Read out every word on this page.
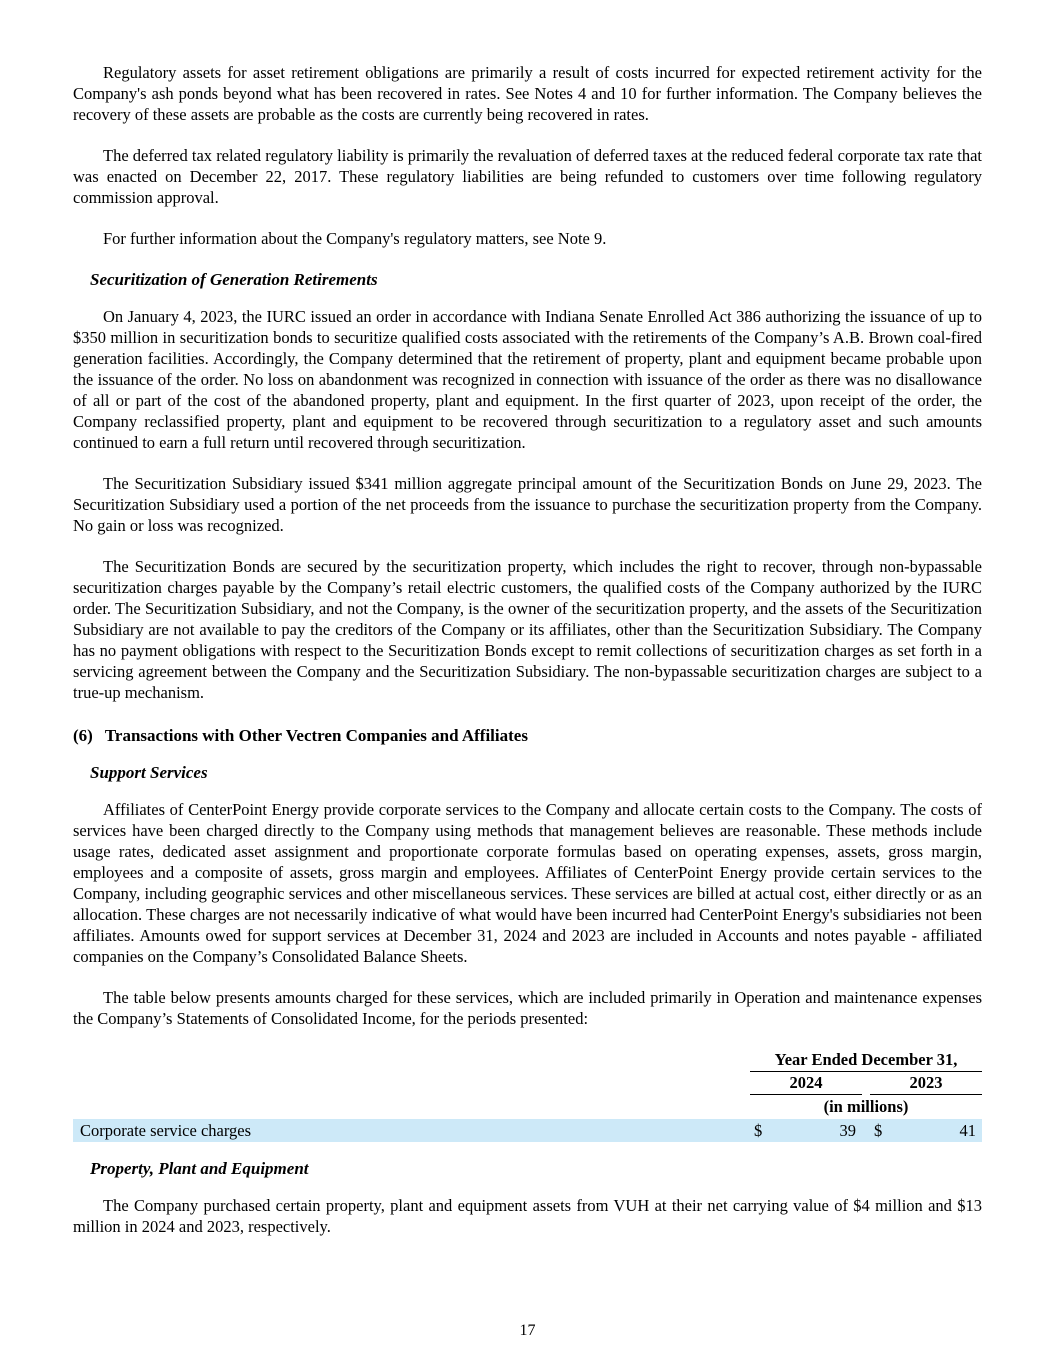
Regulatory assets for asset retirement obligations are primarily a result of costs incurred for expected retirement activity for the Company's ash ponds beyond what has been recovered in rates. See Notes 4 and 10 for further information. The Company believes the recovery of these assets are probable as the costs are currently being recovered in rates.

The deferred tax related regulatory liability is primarily the revaluation of deferred taxes at the reduced federal corporate tax rate that was enacted on December 22, 2017. These regulatory liabilities are being refunded to customers over time following regulatory commission approval.

For further information about the Company's regulatory matters, see Note 9.

Securitization of Generation Retirements

On January 4, 2023, the IURC issued an order in accordance with Indiana Senate Enrolled Act 386 authorizing the issuance of up to $350 million in securitization bonds to securitize qualified costs associated with the retirements of the Company’s A.B. Brown coal-fired generation facilities. Accordingly, the Company determined that the retirement of property, plant and equipment became probable upon the issuance of the order. No loss on abandonment was recognized in connection with issuance of the order as there was no disallowance of all or part of the cost of the abandoned property, plant and equipment. In the first quarter of 2023, upon receipt of the order, the Company reclassified property, plant and equipment to be recovered through securitization to a regulatory asset and such amounts continued to earn a full return until recovered through securitization.

The Securitization Subsidiary issued $341 million aggregate principal amount of the Securitization Bonds on June 29, 2023. The Securitization Subsidiary used a portion of the net proceeds from the issuance to purchase the securitization property from the Company. No gain or loss was recognized.

The Securitization Bonds are secured by the securitization property, which includes the right to recover, through non-bypassable securitization charges payable by the Company’s retail electric customers, the qualified costs of the Company authorized by the IURC order. The Securitization Subsidiary, and not the Company, is the owner of the securitization property, and the assets of the Securitization Subsidiary are not available to pay the creditors of the Company or its affiliates, other than the Securitization Subsidiary. The Company has no payment obligations with respect to the Securitization Bonds except to remit collections of securitization charges as set forth in a servicing agreement between the Company and the Securitization Subsidiary. The non-bypassable securitization charges are subject to a true-up mechanism.

(6) Transactions with Other Vectren Companies and Affiliates
Support Services

Affiliates of CenterPoint Energy provide corporate services to the Company and allocate certain costs to the Company. The costs of services have been charged directly to the Company using methods that management believes are reasonable. These methods include usage rates, dedicated asset assignment and proportionate corporate formulas based on operating expenses, assets, gross margin, employees and a composite of assets, gross margin and employees. Affiliates of CenterPoint Energy provide certain services to the Company, including geographic services and other miscellaneous services. These services are billed at actual cost, either directly or as an allocation. These charges are not necessarily indicative of what would have been incurred had CenterPoint Energy's subsidiaries not been affiliates. Amounts owed for support services at December 31, 2024 and 2023 are included in Accounts and notes payable - affiliated companies on the Company’s Consolidated Balance Sheets.

The table below presents amounts charged for these services, which are included primarily in Operation and maintenance expenses the Company’s Statements of Consolidated Income, for the periods presented:

Year Ended December 31,
2024	2023
(in millions)
Corporate service charges	$	39 $	41
Property, Plant and Equipment

The Company purchased certain property, plant and equipment assets from VUH at their net carrying value of $4 million and $13 million in 2024 and 2023, respectively.

17
